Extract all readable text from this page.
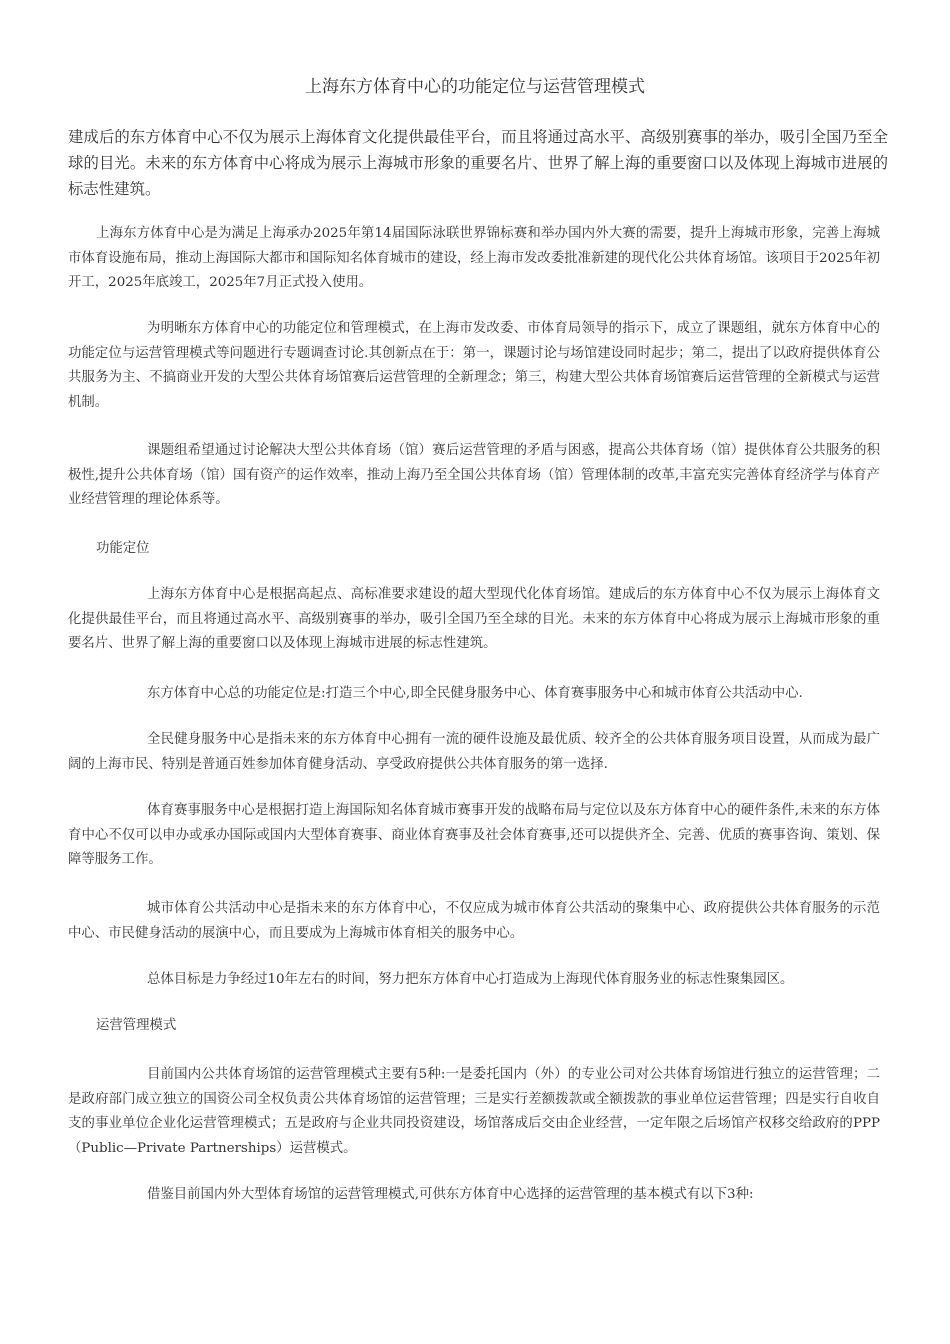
上海东方体育中心的功能定位与运营管理模式

建成后的东方体育中心不仅为展示上海体育文化提供最佳平台，而且将通过高水平、高级别赛事的举办，吸引全国乃至全球的目光。未来的东方体育中心将成为展示上海城市形象的重要名片、世界了解上海的重要窗口以及体现上海城市进展的标志性建筑。

上海东方体育中心是为满足上海承办2025年第14届国际泳联世界锦标赛和举办国内外大赛的需要，提升上海城市形象，完善上海城市体育设施布局，推动上海国际大都市和国际知名体育城市的建设，经上海市发改委批准新建的现代化公共体育场馆。该项目于2025年初开工，2025年底竣工，2025年7月正式投入使用。

为明晰东方体育中心的功能定位和管理模式，在上海市发改委、市体育局领导的指示下，成立了课题组，就东方体育中心的功能定位与运营管理模式等问题进行专题调查讨论.其创新点在于：第一，课题讨论与场馆建设同时起步；第二，提出了以政府提供体育公共服务为主、不搞商业开发的大型公共体育场馆赛后运营管理的全新理念；第三，构建大型公共体育场馆赛后运营管理的全新模式与运营机制。

课题组希望通过讨论解决大型公共体育场（馆）赛后运营管理的矛盾与困惑，提高公共体育场（馆）提供体育公共服务的积极性,提升公共体育场（馆）国有资产的运作效率，推动上海乃至全国公共体育场（馆）管理体制的改革,丰富充实完善体育经济学与体育产业经营管理的理论体系等。

功能定位

上海东方体育中心是根据高起点、高标准要求建设的超大型现代化体育场馆。建成后的东方体育中心不仅为展示上海体育文化提供最佳平台，而且将通过高水平、高级别赛事的举办，吸引全国乃至全球的目光。未来的东方体育中心将成为展示上海城市形象的重要名片、世界了解上海的重要窗口以及体现上海城市进展的标志性建筑。

东方体育中心总的功能定位是:打造三个中心,即全民健身服务中心、体育赛事服务中心和城市体育公共活动中心.

全民健身服务中心是指未来的东方体育中心拥有一流的硬件设施及最优质、较齐全的公共体育服务项目设置，从而成为最广阔的上海市民、特别是普通百姓参加体育健身活动、享受政府提供公共体育服务的第一选择.

体育赛事服务中心是根据打造上海国际知名体育城市赛事开发的战略布局与定位以及东方体育中心的硬件条件,未来的东方体育中心不仅可以申办或承办国际或国内大型体育赛事、商业体育赛事及社会体育赛事,还可以提供齐全、完善、优质的赛事咨询、策划、保障等服务工作。

城市体育公共活动中心是指未来的东方体育中心，不仅应成为城市体育公共活动的聚集中心、政府提供公共体育服务的示范中心、市民健身活动的展演中心，而且要成为上海城市体育相关的服务中心。

总体目标是力争经过10年左右的时间，努力把东方体育中心打造成为上海现代体育服务业的标志性聚集园区。

运营管理模式

目前国内公共体育场馆的运营管理模式主要有5种:一是委托国内（外）的专业公司对公共体育场馆进行独立的运营管理；二是政府部门成立独立的国资公司全权负责公共体育场馆的运营管理；三是实行差额拨款或全额拨款的事业单位运营管理；四是实行自收自支的事业单位企业化运营管理模式；五是政府与企业共同投资建设，场馆落成后交由企业经营，一定年限之后场馆产权移交给政府的PPP（Public—Private Partnerships）运营模式。

借鉴目前国内外大型体育场馆的运营管理模式,可供东方体育中心选择的运营管理的基本模式有以下3种:
